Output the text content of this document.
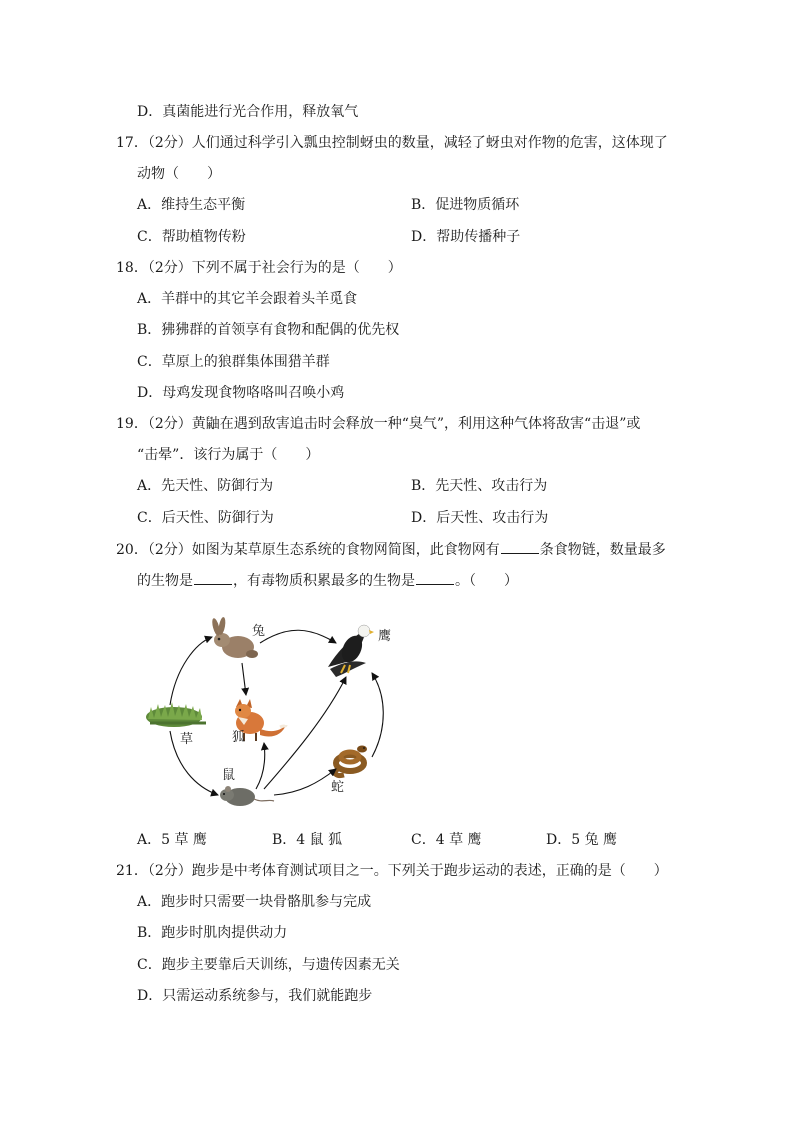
D．真菌能进行光合作用，释放氧气
17．（2分）人们通过科学引入瓢虫控制蚜虫的数量，减轻了蚜虫对作物的危害，这体现了
动物（　　）
A．维持生态平衡	B．促进物质循环
C．帮助植物传粉	D．帮助传播种子
18．（2分）下列不属于社会行为的是（　　）
A．羊群中的其它羊会跟着头羊觅食
B．狒狒群的首领享有食物和配偶的优先权
C．草原上的狼群集体围猎羊群
D．母鸡发现食物咯咯叫召唤小鸡
19．（2分）黄鼬在遇到敌害追击时会释放一种“臭气”，利用这种气体将敌害“击退”或
“击晕”．该行为属于（　　）
A．先天性、防御行为	B．先天性、攻击行为
C．后天性、防御行为	D．后天性、攻击行为
20．（2分）如图为某草原生态系统的食物网简图，此食物网有	条食物链，数量最多
的生物是	，有毒物质积累最多的生物是	。（　　）
兔	鹰
草	狐
鼠
蛇
A．5 草 鹰	B．4 鼠 狐	C．4 草 鹰	D．5 兔 鹰
21．（2分）跑步是中考体育测试项目之一。下列关于跑步运动的表述，正确的是（　　）
A．跑步时只需要一块骨骼肌参与完成
B．跑步时肌肉提供动力
C．跑步主要靠后天训练，与遗传因素无关
D．只需运动系统参与，我们就能跑步
